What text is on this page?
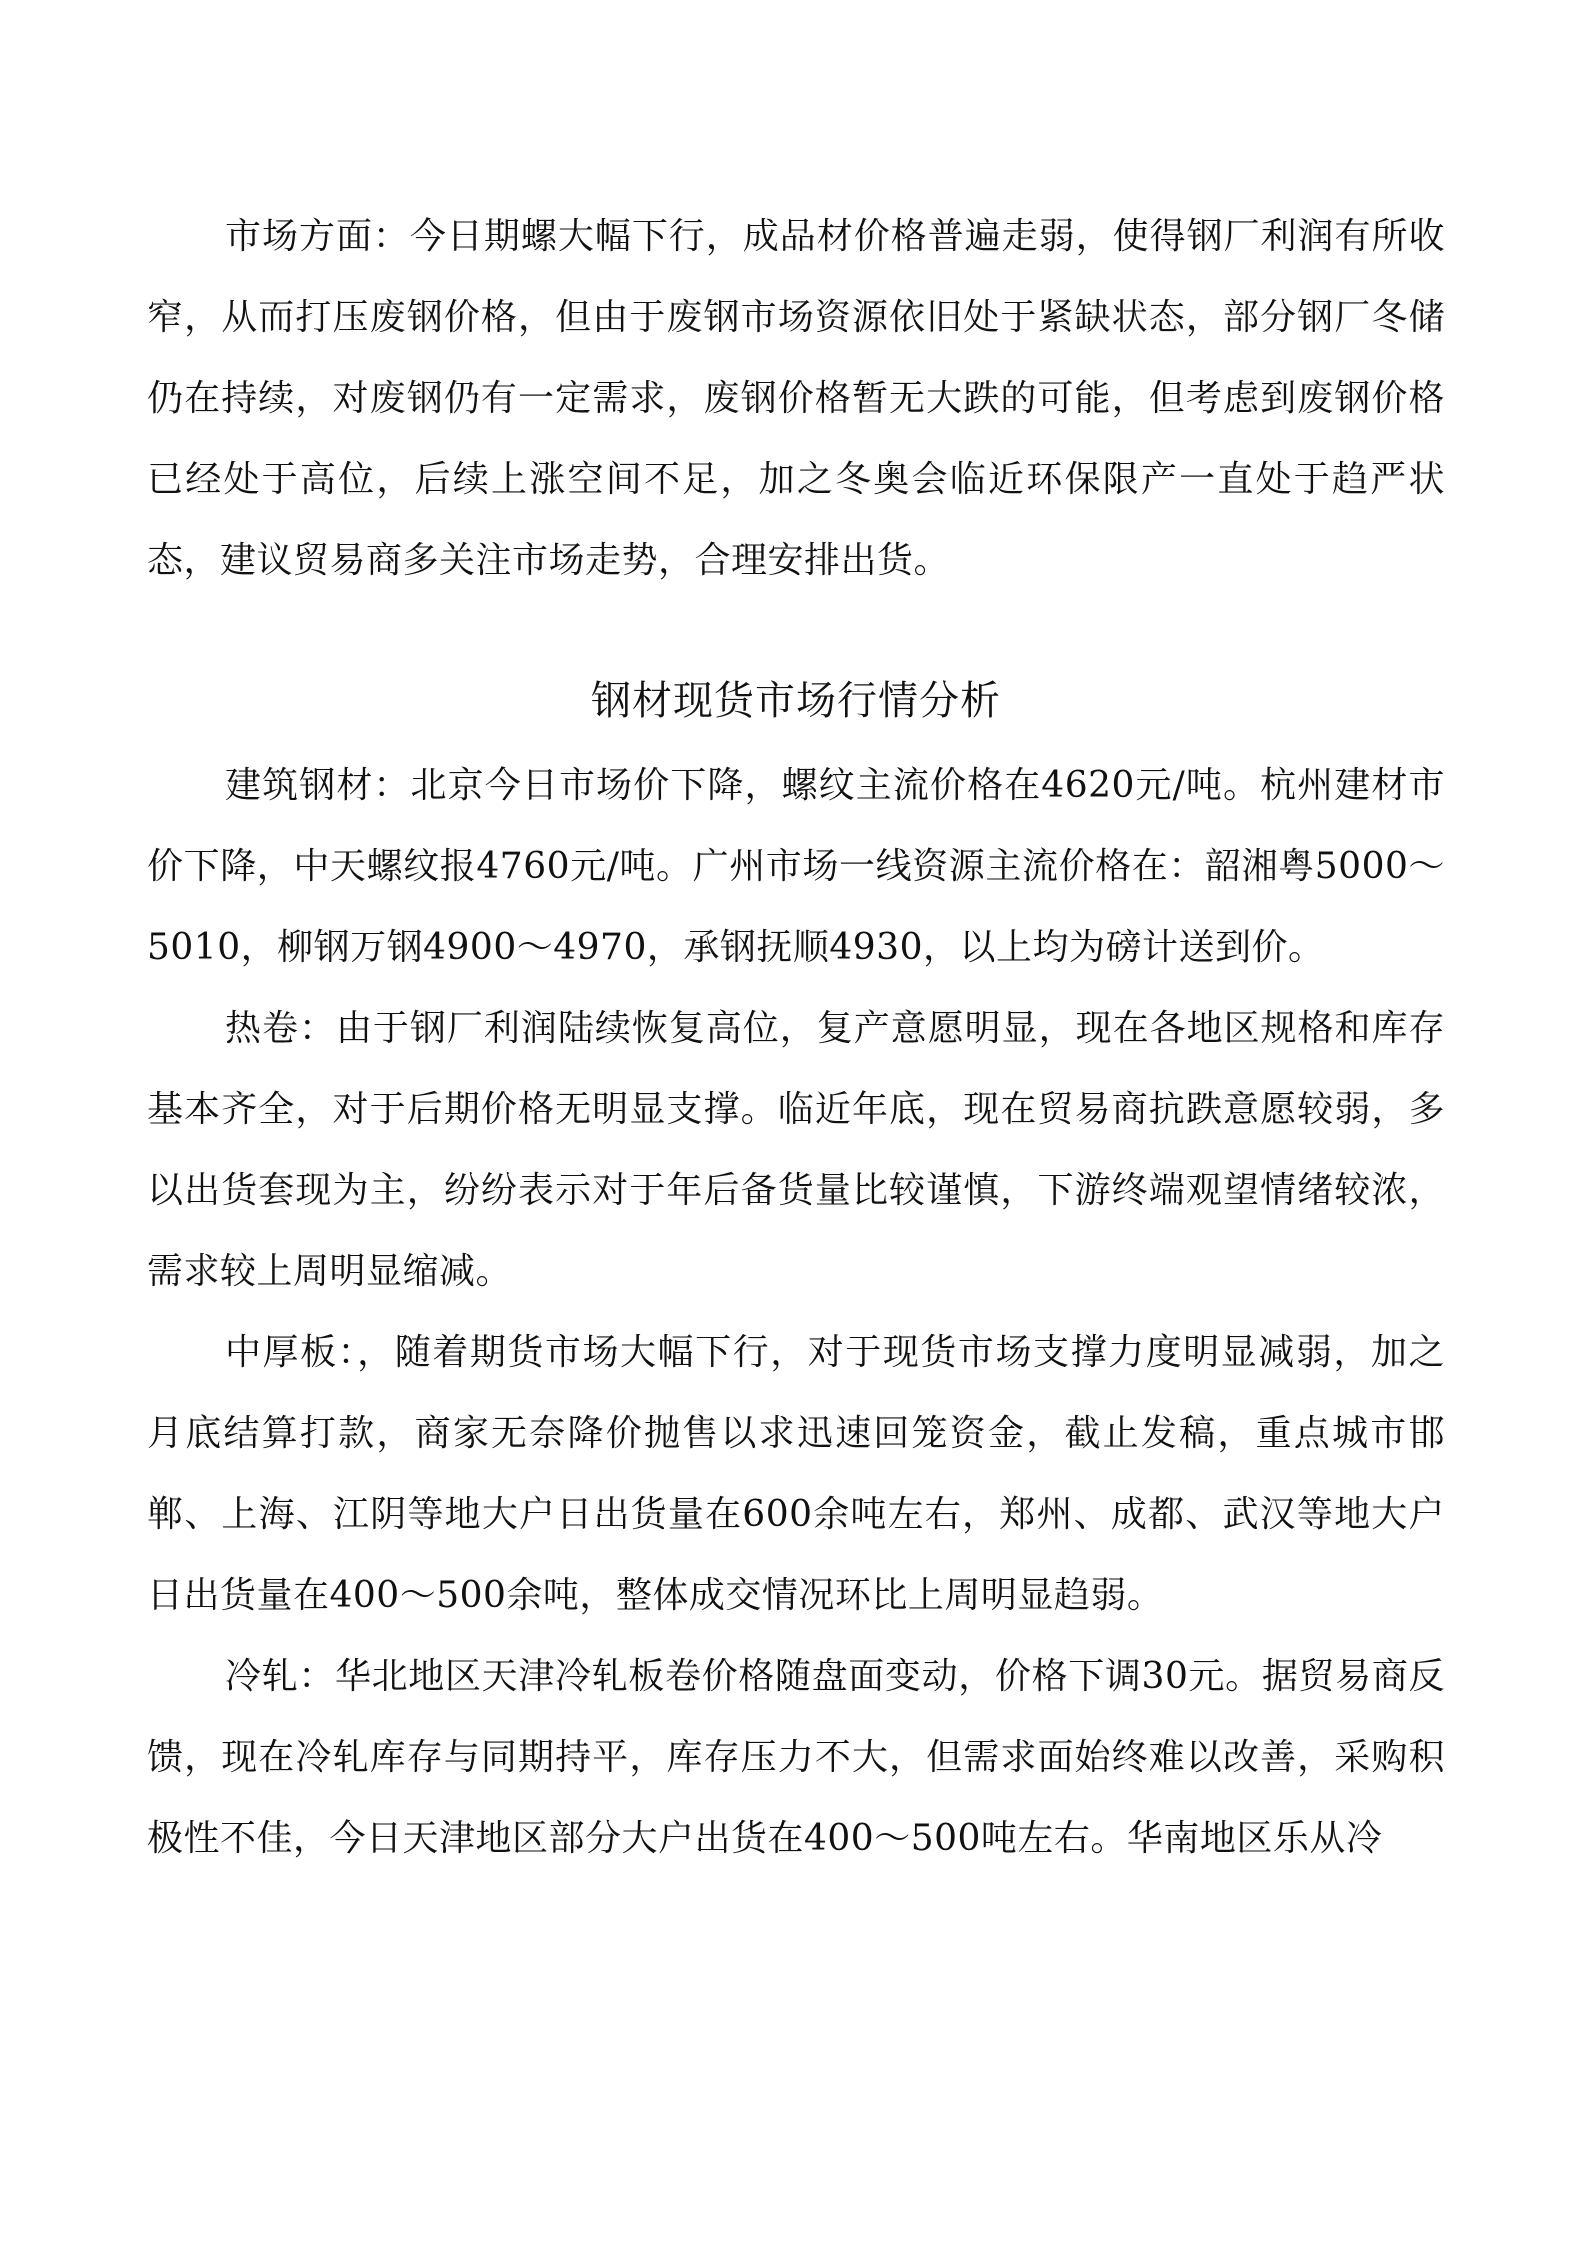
市场方面：今日期螺大幅下行，成品材价格普遍走弱，使得钢厂利润有所收窄，从而打压废钢价格，但由于废钢市场资源依旧处于紧缺状态，部分钢厂冬储仍在持续，对废钢仍有一定需求，废钢价格暂无大跌的可能，但考虑到废钢价格已经处于高位，后续上涨空间不足，加之冬奥会临近环保限产一直处于趋严状态，建议贸易商多关注市场走势，合理安排出货。

钢材现货市场行情分析

建筑钢材：北京今日市场价下降，螺纹主流价格在4620元/吨。杭州建材市价下降，中天螺纹报4760元/吨。广州市场一线资源主流价格在：韶湘粤5000～5010，柳钢万钢4900～4970，承钢抚顺4930，以上均为磅计送到价。

热卷：由于钢厂利润陆续恢复高位，复产意愿明显，现在各地区规格和库存基本齐全，对于后期价格无明显支撑。临近年底，现在贸易商抗跌意愿较弱，多以出货套现为主，纷纷表示对于年后备货量比较谨慎，下游终端观望情绪较浓，需求较上周明显缩减。

中厚板：，随着期货市场大幅下行，对于现货市场支撑力度明显减弱，加之月底结算打款，商家无奈降价抛售以求迅速回笼资金，截止发稿，重点城市邯郸、上海、江阴等地大户日出货量在600余吨左右，郑州、成都、武汉等地大户日出货量在400～500余吨，整体成交情况环比上周明显趋弱。

冷轧：华北地区天津冷轧板卷价格随盘面变动，价格下调30元。据贸易商反馈，现在冷轧库存与同期持平，库存压力不大，但需求面始终难以改善，采购积极性不佳，今日天津地区部分大户出货在400～500吨左右。华南地区乐从冷
